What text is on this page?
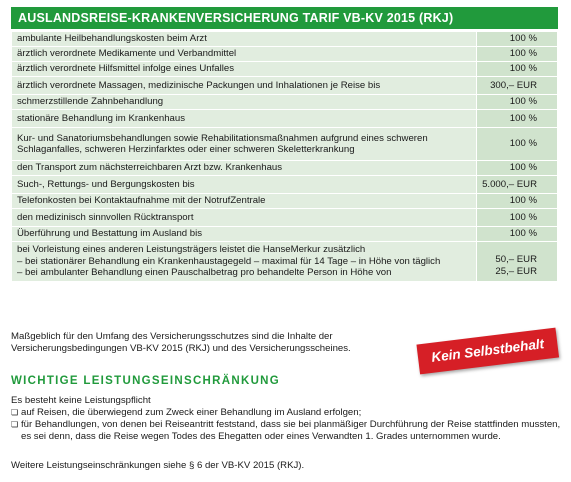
AUSLANDSREISE-KRANKENVERSICHERUNG TARIF VB-KV 2015 (RKJ)
ambulante Heilbehandlungskosten beim Arzt	100 %

ärztlich verordnete Medikamente und Verbandmittel	100 %

ärztlich verordnete Hilfsmittel infolge eines Unfalles	100 %

ärztlich verordnete Massagen, medizinische Packungen und Inhalationen je Reise bis	300,– EUR

schmerzstillende Zahnbehandlung	100 %

stationäre Behandlung im Krankenhaus	100 %

Kur- und Sanatoriumsbehandlungen sowie Rehabilitationsmaßnahmen aufgrund eines schweren
Schlaganfalles, schweren Herzinfarktes oder einer schweren Skeletterkrankung	100 %

den Transport zum nächsterreichbaren Arzt bzw. Krankenhaus	100 %

Such-, Rettungs- und Bergungskosten bis	5.000,– EUR

Telefonkosten bei Kontaktaufnahme mit der NotrufZentrale	100 %

den medizinisch sinnvollen Rücktransport	100 %

Überführung und Bestattung im Ausland bis	100 %

bei Vorleistung eines anderen Leistungsträgers leistet die HanseMerkur zusätzlich
– bei stationärer Behandlung ein Krankenhaustagegeld – maximal für 14 Tage – in Höhe von täglich
– bei ambulanter Behandlung einen Pauschalbetrag pro behandelte Person in Höhe von	50,– EUR
25,– EUR
Maßgeblich für den Umfang des Versicherungsschutzes sind die Inhalte der
Versicherungsbedingungen VB-KV 2015 (RKJ) und des Versicherungsscheines.	Kein Selbstbehalt
WICHTIGE LEISTUNGSEINSCHRÄNKUNG
Es besteht keine Leistungspflicht
❏ auf Reisen, die überwiegend zum Zweck einer Behandlung im Ausland erfolgen;
❏ für Behandlungen, von denen bei Reiseantritt feststand, dass sie bei planmäßiger Durchführung der Reise stattfinden mussten,
es sei denn, dass die Reise wegen Todes des Ehegatten oder eines Verwandten 1. Grades unternommen wurde.
Weitere Leistungseinschränkungen siehe § 6 der VB-KV 2015 (RKJ).
